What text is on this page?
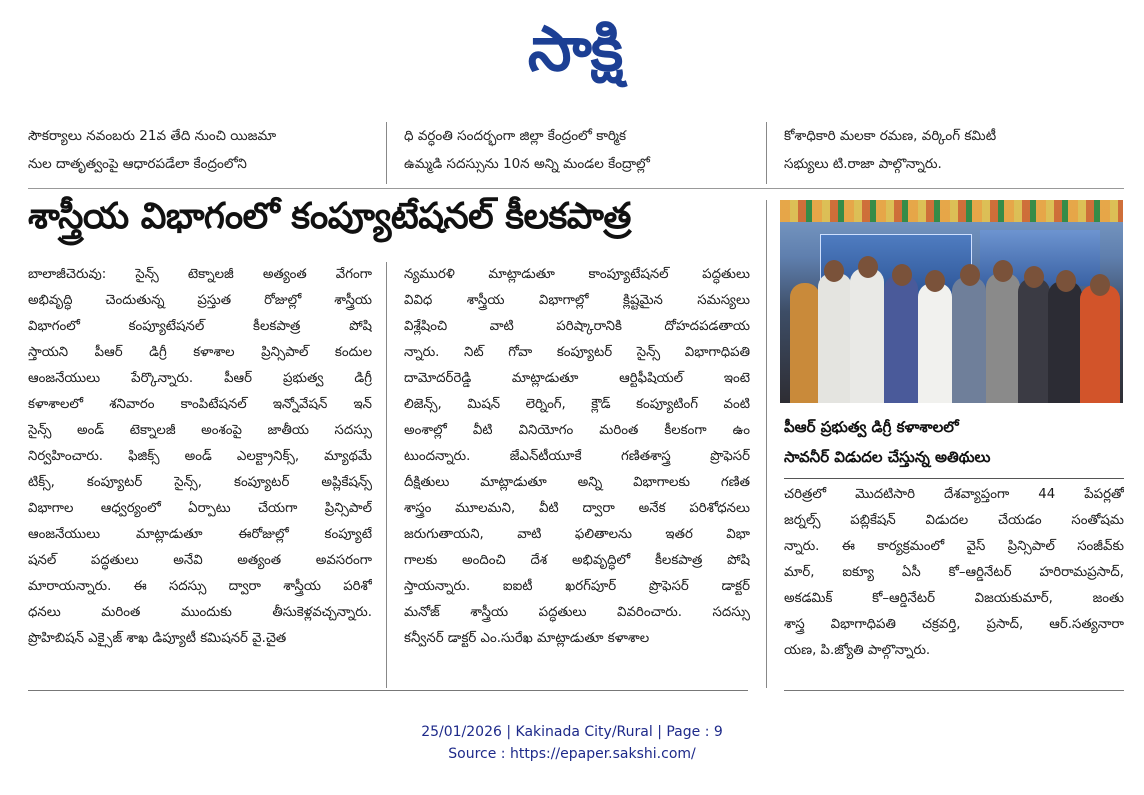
సాక్షి
సౌకర్యాలు నవంబరు 21వ తేది నుంచి యిజమా
నుల దాతృత్వంపై ఆధారపడేలా కేంద్రంలోని
ధి వర్ధంతి సందర్భంగా జిల్లా కేంద్రంలో కార్మిక
ఉమ్మడి సదస్సును 10న అన్ని మండల కేంద్రాల్లో
కోశాధికారి మలకా రమణ, వర్కింగ్ కమిటీ
సభ్యులు టి.రాజా పాల్గొన్నారు.
శాస్త్రీయ విభాగంలో కంప్యూటేషనల్ కీలకపాత్ర
బాలాజీచెరువు: సైన్స్ టెక్నాలజీ అత్యంత వేగంగా
అభివృద్ధి చెందుతున్న ప్రస్తుత రోజుల్లో శాస్త్రీయ
విభాగంలో కంప్యూటేషనల్ కీలకపాత్ర పోషి
స్తాయని పీఆర్ డిగ్రీ కళాశాల ప్రిన్సిపాల్ కందుల
ఆంజనేయులు పేర్కొన్నారు. పీఆర్ ప్రభుత్వ డిగ్రీ
కళాశాలలో శనివారం కాంపిటేషనల్ ఇన్నోవేషన్ ఇన్
సైన్స్ అండ్ టెక్నాలజీ అంశంపై జాతీయ సదస్సు
నిర్వహించారు. ఫిజిక్స్ అండ్ ఎలక్ట్రానిక్స్, మ్యాథమే
టిక్స్, కంప్యూటర్ సైన్స్, కంప్యూటర్ అప్లికేషన్స్
విభాగాల ఆధ్వర్యంలో ఏర్పాటు చేయగా ప్రిన్సిపాల్
ఆంజనేయులు మాట్లాడుతూ ఈరోజుల్లో కంప్యూటే
షనల్ పద్ధతులు అనేవి అత్యంత అవసరంగా
మారాయన్నారు. ఈ సదస్సు ద్వారా శాస్త్రీయ పరిశో
ధనలు మరింత ముందుకు తీసుకెళ్లవచ్చన్నారు.
ప్రొహిబిషన్ ఎక్సైజ్ శాఖ డిప్యూటీ కమిషనర్ వై.చైత
న్యమురళి మాట్లాడుతూ కాంప్యూటేషనల్ పద్ధతులు
వివిధ శాస్త్రీయ విభాగాల్లో క్లిష్టమైన సమస్యలు
విశ్లేషించి వాటి పరిష్కారానికి దోహదపడతాయ
న్నారు. నిట్ గోవా కంప్యూటర్ సైన్స్ విభాగాధిపతి
దామోదర్‌రెడ్డి మాట్లాడుతూ ఆర్టిఫీషియల్ ఇంటె
లిజెన్స్, మిషన్ లెర్నింగ్, క్లౌడ్ కంప్యూటింగ్ వంటి
అంశాల్లో వీటి వినియోగం మరింత కీలకంగా ఉం
టుందన్నారు. జేఎన్‌టీయూకే గణితశాస్త్ర ప్రొఫెసర్
దీక్షితులు మాట్లాడుతూ అన్ని విభాగాలకు గణిత
శాస్త్రం మూలమని, వీటి ద్వారా అనేక పరిశోధనలు
జరుగుతాయని, వాటి ఫలితాలను ఇతర విభా
గాలకు అందించి దేశ అభివృద్ధిలో కీలకపాత్ర పోషి
స్తాయన్నారు. ఐఐటీ ఖరగ్‌పూర్ ప్రొఫెసర్ డాక్టర్
మనోజ్ శాస్త్రీయ పద్ధతులు వివరించారు. సదస్సు
కన్వీనర్ డాక్టర్ ఎం.సురేఖ మాట్లాడుతూ కళాశాల
పీఆర్ ప్రభుత్వ డిగ్రీ కళాశాలలో
సావనీర్ విడుదల చేస్తున్న అతిథులు
చరిత్రలో మొదటిసారి దేశవ్యాప్తంగా 44 పేపర్లతో
జర్నల్స్ పబ్లికేషన్ విడుదల చేయడం సంతోషమ
న్నారు. ఈ కార్యక్రమంలో వైస్ ప్రిన్సిపాల్ సంజీవ్‌కు
మార్, ఐక్యూ ఏసీ కో–ఆర్డినేటర్ హరిరామప్రసాద్,
అకడమిక్ కో–ఆర్డినేటర్ విజయకుమార్, జంతు
శాస్త్ర విభాగాధిపతి చక్రవర్తి, ప్రసాద్, ఆర్.సత్యనారా
యణ, పి.జ్యోతి పాల్గొన్నారు.
25/01/2026 | Kakinada City/Rural | Page : 9
Source : https://epaper.sakshi.com/
